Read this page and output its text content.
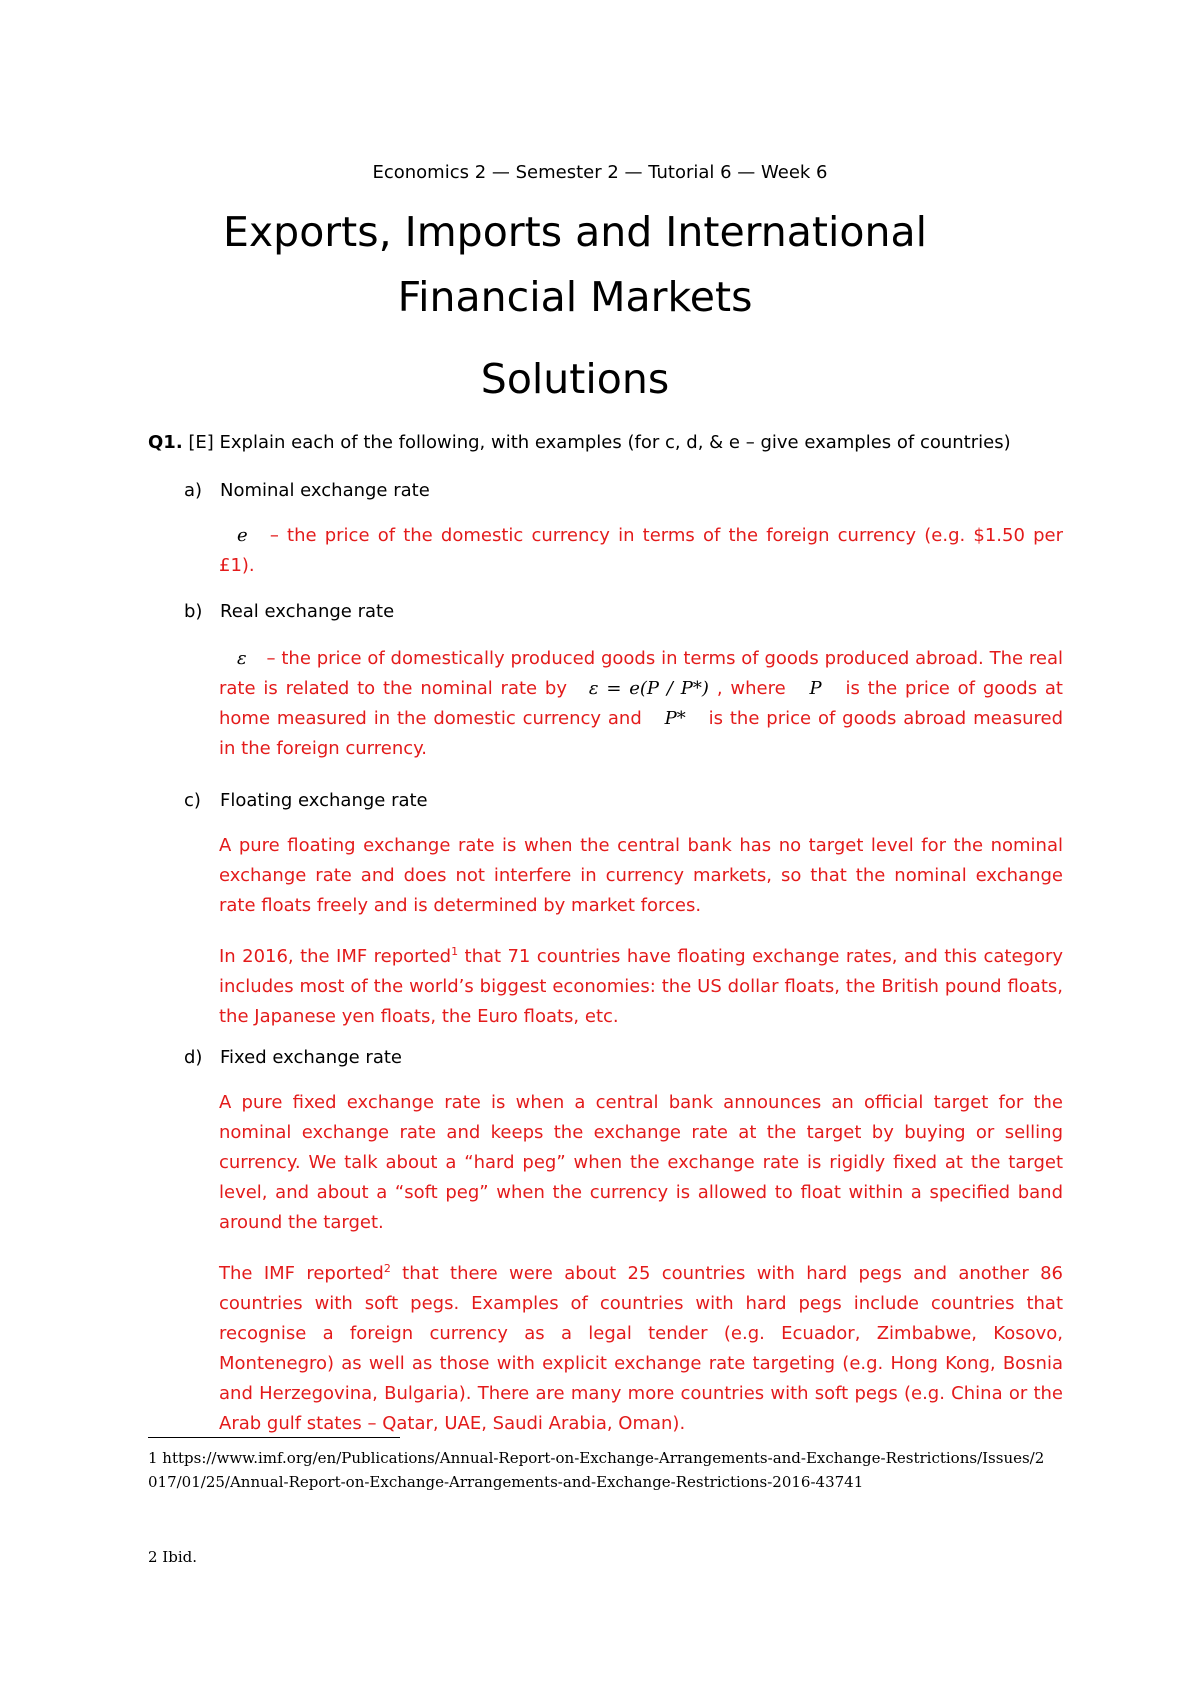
Economics 2 — Semester 2 — Tutorial 6 — Week 6
Exports, Imports and International
Financial Markets
Solutions
Q1. [E] Explain each of the following, with examples (for c, d, & e – give examples of countries)
a) Nominal exchange rate
e – the price of the domestic currency in terms of the foreign currency (e.g. $1.50 per £1).
b) Real exchange rate
ε – the price of domestically produced goods in terms of goods produced abroad. The real rate is related to the nominal rate by ε = e(P / P*) , where P is the price of goods at home measured in the domestic currency and P* is the price of goods abroad measured in the foreign currency.
c) Floating exchange rate
A pure floating exchange rate is when the central bank has no target level for the nominal exchange rate and does not interfere in currency markets, so that the nominal exchange rate floats freely and is determined by market forces.
In 2016, the IMF reported$^1$ that 71 countries have floating exchange rates, and this category includes most of the world’s biggest economies: the US dollar floats, the British pound floats, the Japanese yen floats, the Euro floats, etc.
d) Fixed exchange rate
A pure fixed exchange rate is when a central bank announces an official target for the nominal exchange rate and keeps the exchange rate at the target by buying or selling currency. We talk about a “hard peg” when the exchange rate is rigidly fixed at the target level, and about a “soft peg” when the currency is allowed to float within a specified band around the target.
The IMF reported$^2$ that there were about 25 countries with hard pegs and another 86 countries with soft pegs. Examples of countries with hard pegs include countries that recognise a foreign currency as a legal tender (e.g. Ecuador, Zimbabwe, Kosovo, Montenegro) as well as those with explicit exchange rate targeting (e.g. Hong Kong, Bosnia and Herzegovina, Bulgaria). There are many more countries with soft pegs (e.g. China or the Arab gulf states – Qatar, UAE, Saudi Arabia, Oman).
1 https://www.imf.org/en/Publications/Annual-Report-on-Exchange-Arrangements-and-Exchange-Restrictions/Issues/2017/01/25/Annual-Report-on-Exchange-Arrangements-and-Exchange-Restrictions-2016-43741
2 Ibid.
